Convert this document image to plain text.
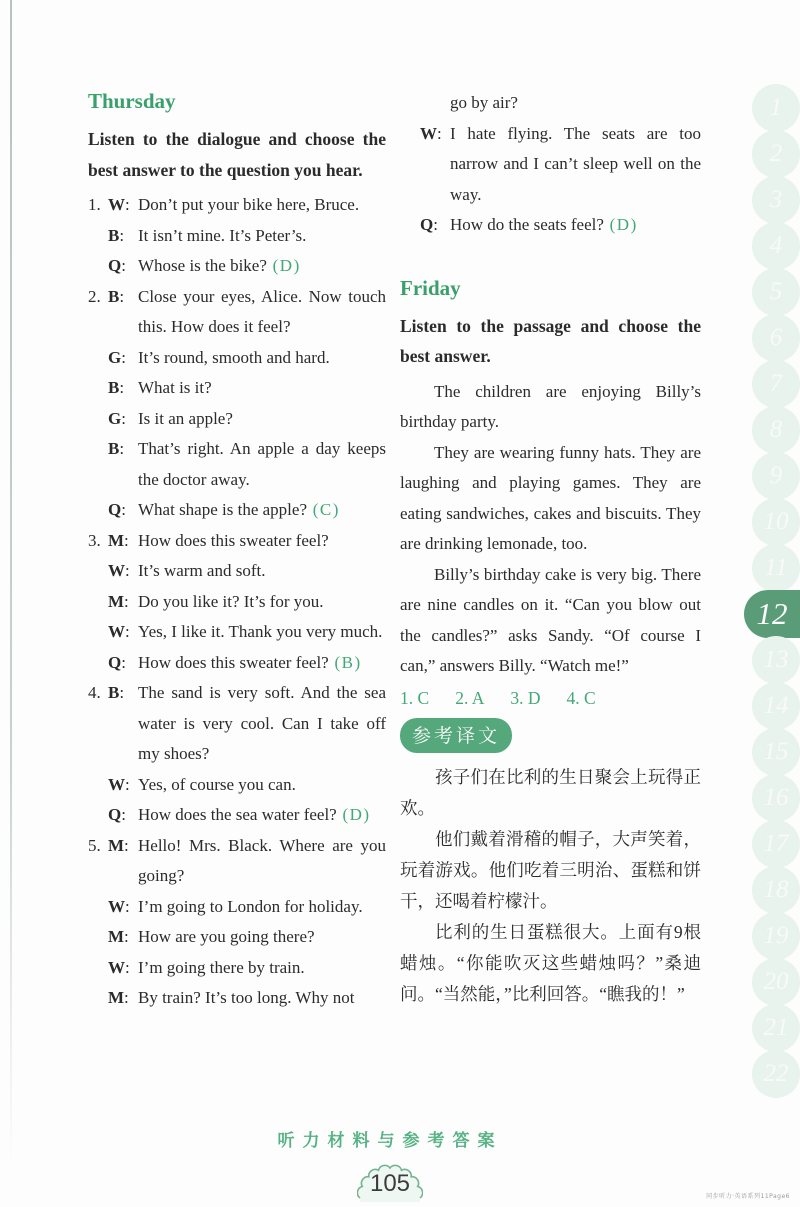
Thursday

Listen to the dialogue and choose the best answer to the question you hear.

1. W: Don’t put your bike here, Bruce.
B: It isn’t mine. It’s Peter’s.
Q: Whose is the bike? (D)
2. B: Close your eyes, Alice. Now touch this. How does it feel?
G: It’s round, smooth and hard.
B: What is it?
G: Is it an apple?
B: That’s right. An apple a day keeps the doctor away.
Q: What shape is the apple? (C)
3. M: How does this sweater feel?
W: It’s warm and soft.
M: Do you like it? It’s for you.
W: Yes, I like it. Thank you very much.
Q: How does this sweater feel? (B)
4. B: The sand is very soft. And the sea water is very cool. Can I take off my shoes?
W: Yes, of course you can.
Q: How does the sea water feel? (D)
5. M: Hello! Mrs. Black. Where are you going?
W: I’m going to London for holiday.
M: How are you going there?
W: I’m going there by train.
M: By train? It’s too long. Why not
go by air?
W: I hate flying. The seats are too narrow and I can’t sleep well on the way.
Q: How do the seats feel? (D)
Friday

Listen to the passage and choose the best answer.

The children are enjoying Billy’s birthday party.

They are wearing funny hats. They are laughing and playing games. They are eating sandwiches, cakes and biscuits. They are drinking lemonade, too.

Billy’s birthday cake is very big. There are nine candles on it. “Can you blow out the candles?” asks Sandy. “Of course I can,” answers Billy. “Watch me!”

1. C 2. A 3. D 4. C
参考译文

孩子们在比利的生日聚会上玩得正欢。

他们戴着滑稽的帽子，大声笑着，玩着游戏。他们吃着三明治、蛋糕和饼干，还喝着柠檬汁。

比利的生日蛋糕很大。上面有9根蜡烛。“你能吹灭这些蜡烛吗？”桑迪问。“当然能，”比利回答。“瞧我的！”

1
2
3
4
5
6
7
8
9
10
11
12
13
14
15
16
17
18
19
20
21
22
听力材料与参考答案
105	同步听力·英语系列11Page6
